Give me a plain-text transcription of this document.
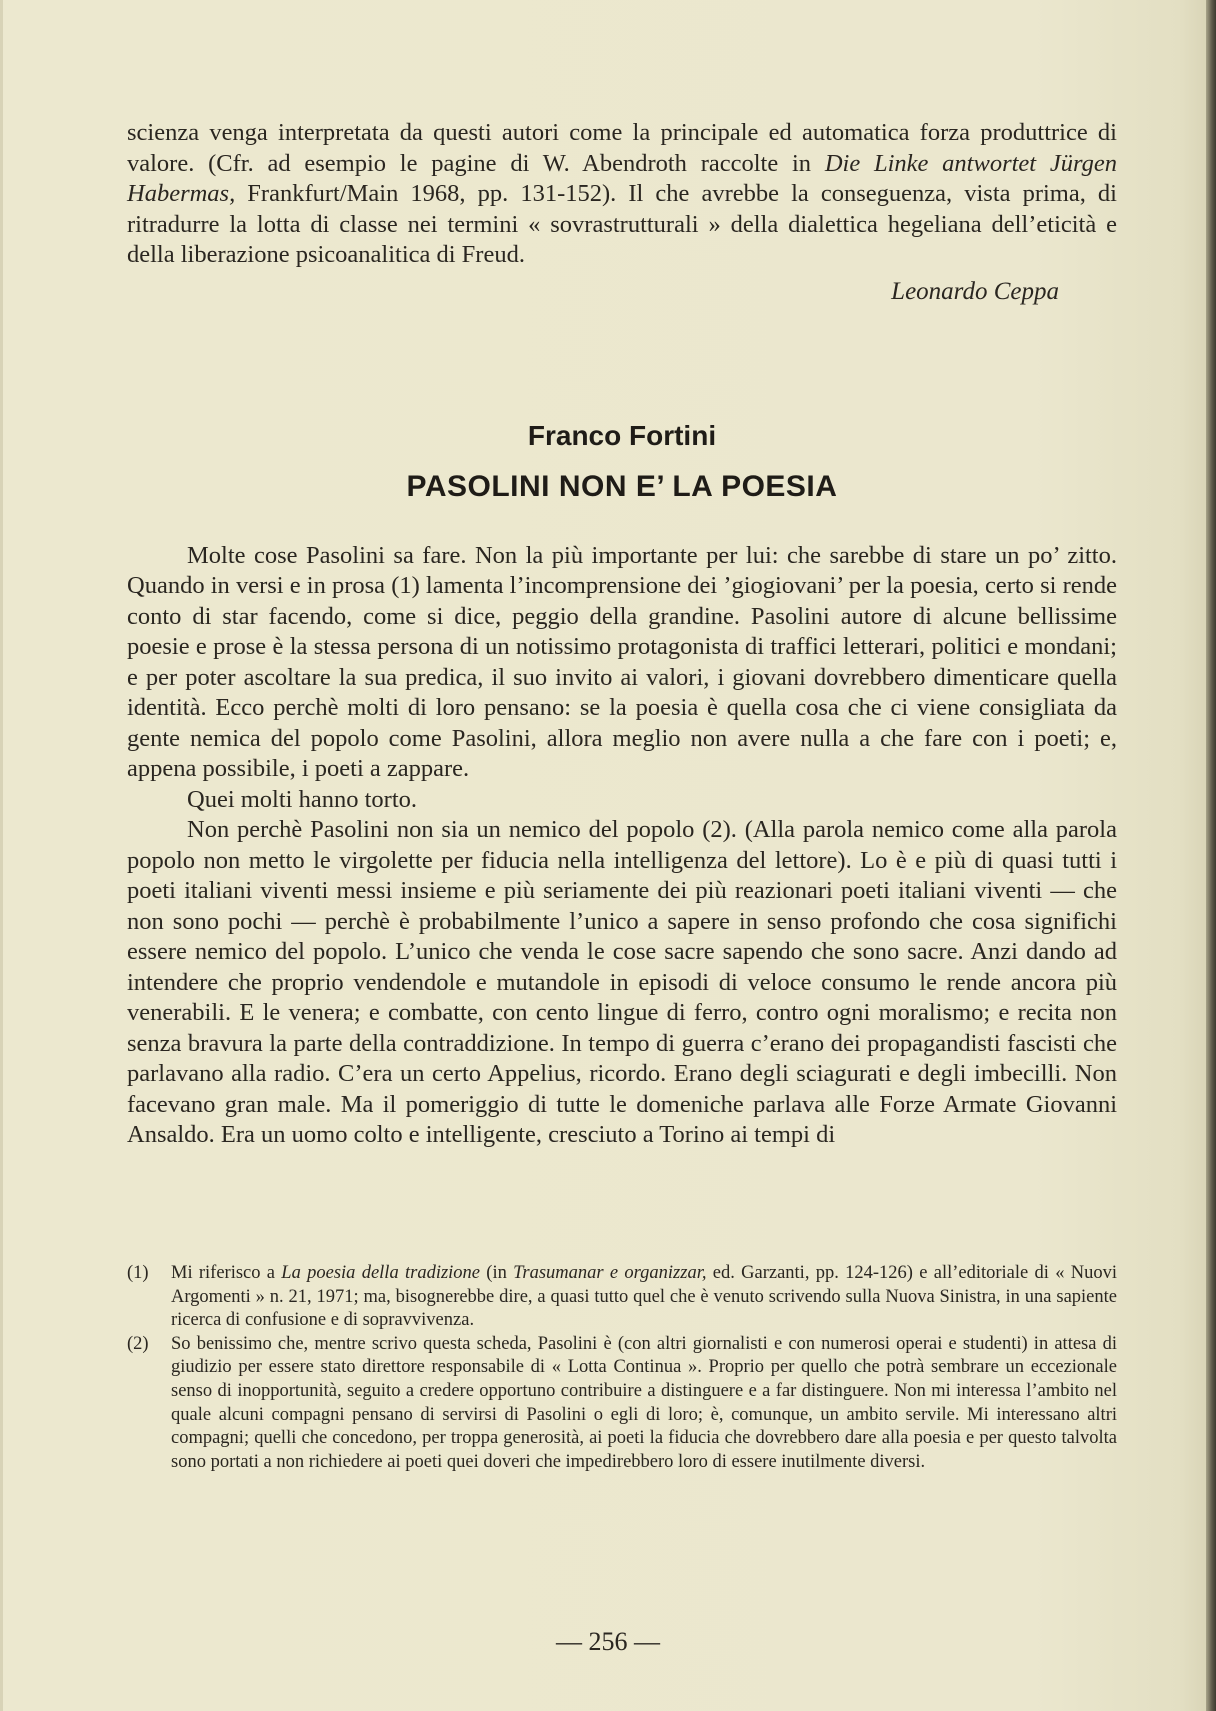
scienza venga interpretata da questi autori come la principale ed automatica forza produttrice di valore. (Cfr. ad esempio le pagine di W. Abendroth raccolte in Die Linke antwortet Jürgen Habermas, Frankfurt/Main 1968, pp. 131-152). Il che avrebbe la conseguenza, vista prima, di ritradurre la lotta di classe nei termini « sovrastrutturali » della dialettica hegeliana dell’eticità e della liberazione psicoanalitica di Freud.

Leonardo Ceppa

Franco Fortini
PASOLINI NON E’ LA POESIA

Molte cose Pasolini sa fare. Non la più importante per lui: che sarebbe di stare un po’ zitto. Quando in versi e in prosa (1) lamenta l’incomprensione dei ’giogiovani’ per la poesia, certo si rende conto di star facendo, come si dice, peggio della grandine. Pasolini autore di alcune bellissime poesie e prose è la stessa persona di un notissimo protagonista di traffici letterari, politici e mondani; e per poter ascoltare la sua predica, il suo invito ai valori, i giovani dovrebbero dimenticare quella identità. Ecco perchè molti di loro pensano: se la poesia è quella cosa che ci viene consigliata da gente nemica del popolo come Pasolini, allora meglio non avere nulla a che fare con i poeti; e, appena possibile, i poeti a zappare.

Quei molti hanno torto.

Non perchè Pasolini non sia un nemico del popolo (2). (Alla parola nemico come alla parola popolo non metto le virgolette per fiducia nella intelligenza del lettore). Lo è e più di quasi tutti i poeti italiani viventi messi insieme e più seriamente dei più reazionari poeti italiani viventi — che non sono pochi — perchè è probabilmente l’unico a sapere in senso profondo che cosa significhi essere nemico del popolo. L’unico che venda le cose sacre sapendo che sono sacre. Anzi dando ad intendere che proprio vendendole e mutandole in episodi di veloce consumo le rende ancora più venerabili. E le venera; e combatte, con cento lingue di ferro, contro ogni moralismo; e recita non senza bravura la parte della contraddizione. In tempo di guerra c’erano dei propagandisti fascisti che parlavano alla radio. C’era un certo Appelius, ricordo. Erano degli sciagurati e degli imbecilli. Non facevano gran male. Ma il pomeriggio di tutte le domeniche parlava alle Forze Armate Giovanni Ansaldo. Era un uomo colto e intelligente, cresciuto a Torino ai tempi di

(1)	Mi riferisco a La poesia della tradizione (in Trasumanar e organizzar, ed. Garzanti, pp. 124-126) e all’editoriale di « Nuovi Argomenti » n. 21, 1971; ma, bisognerebbe dire, a quasi tutto quel che è venuto scrivendo sulla Nuova Sinistra, in una sapiente ricerca di confusione e di sopravvivenza.
(2)	So benissimo che, mentre scrivo questa scheda, Pasolini è (con altri giornalisti e con numerosi operai e studenti) in attesa di giudizio per essere stato direttore responsabile di « Lotta Continua ». Proprio per quello che potrà sembrare un eccezionale senso di inopportunità, seguito a credere opportuno contribuire a distinguere e a far distinguere. Non mi interessa l’ambito nel quale alcuni compagni pensano di servirsi di Pasolini o egli di loro; è, comunque, un ambito servile. Mi interessano altri compagni; quelli che concedono, per troppa generosità, ai poeti la fiducia che dovrebbero dare alla poesia e per questo talvolta sono portati a non richiedere ai poeti quei doveri che impedirebbero loro di essere inutilmente diversi.
— 256 —
